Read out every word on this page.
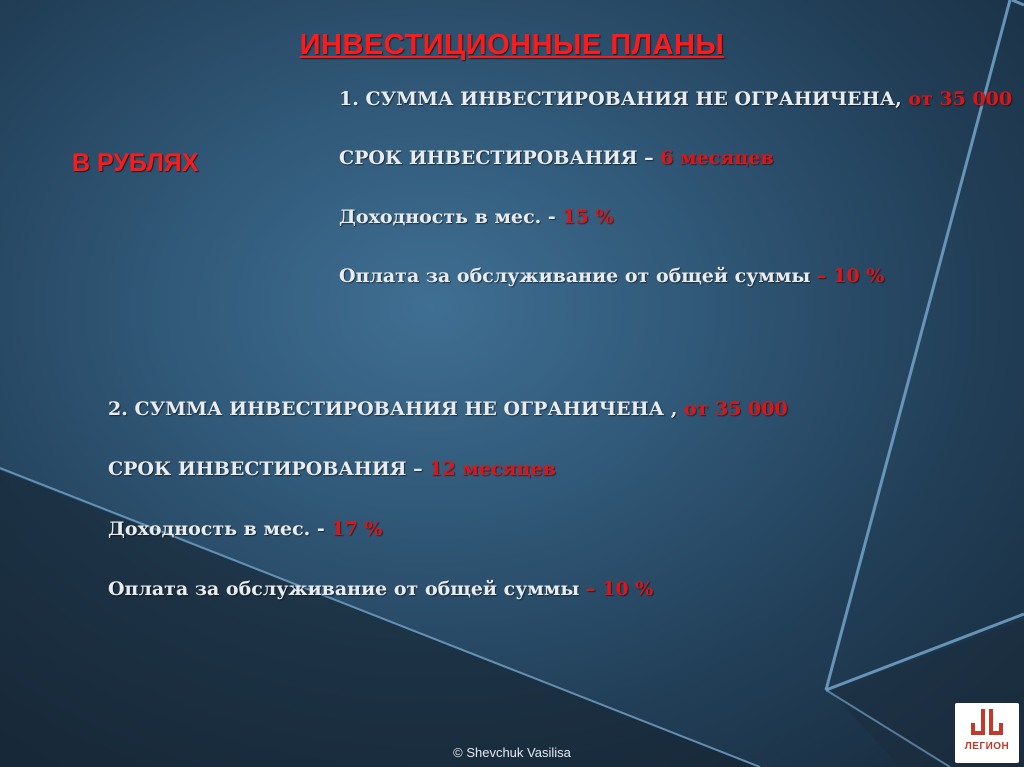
ИНВЕСТИЦИОННЫЕ ПЛАНЫ
В РУБЛЯХ
1. СУММА ИНВЕСТИРОВАНИЯ НЕ ОГРАНИЧЕНА, от 35 000
СРОК ИНВЕСТИРОВАНИЯ – 6 месяцев
Доходность в мес. - 15 %
Оплата за обслуживание от общей суммы – 10 %
2. СУММА ИНВЕСТИРОВАНИЯ НЕ ОГРАНИЧЕНА , от 35 000
СРОК ИНВЕСТИРОВАНИЯ – 12 месяцев
Доходность в мес. - 17 %
Оплата за обслуживание от общей суммы – 10 %
© Shevchuk Vasilisa	ЛЕГИОН
